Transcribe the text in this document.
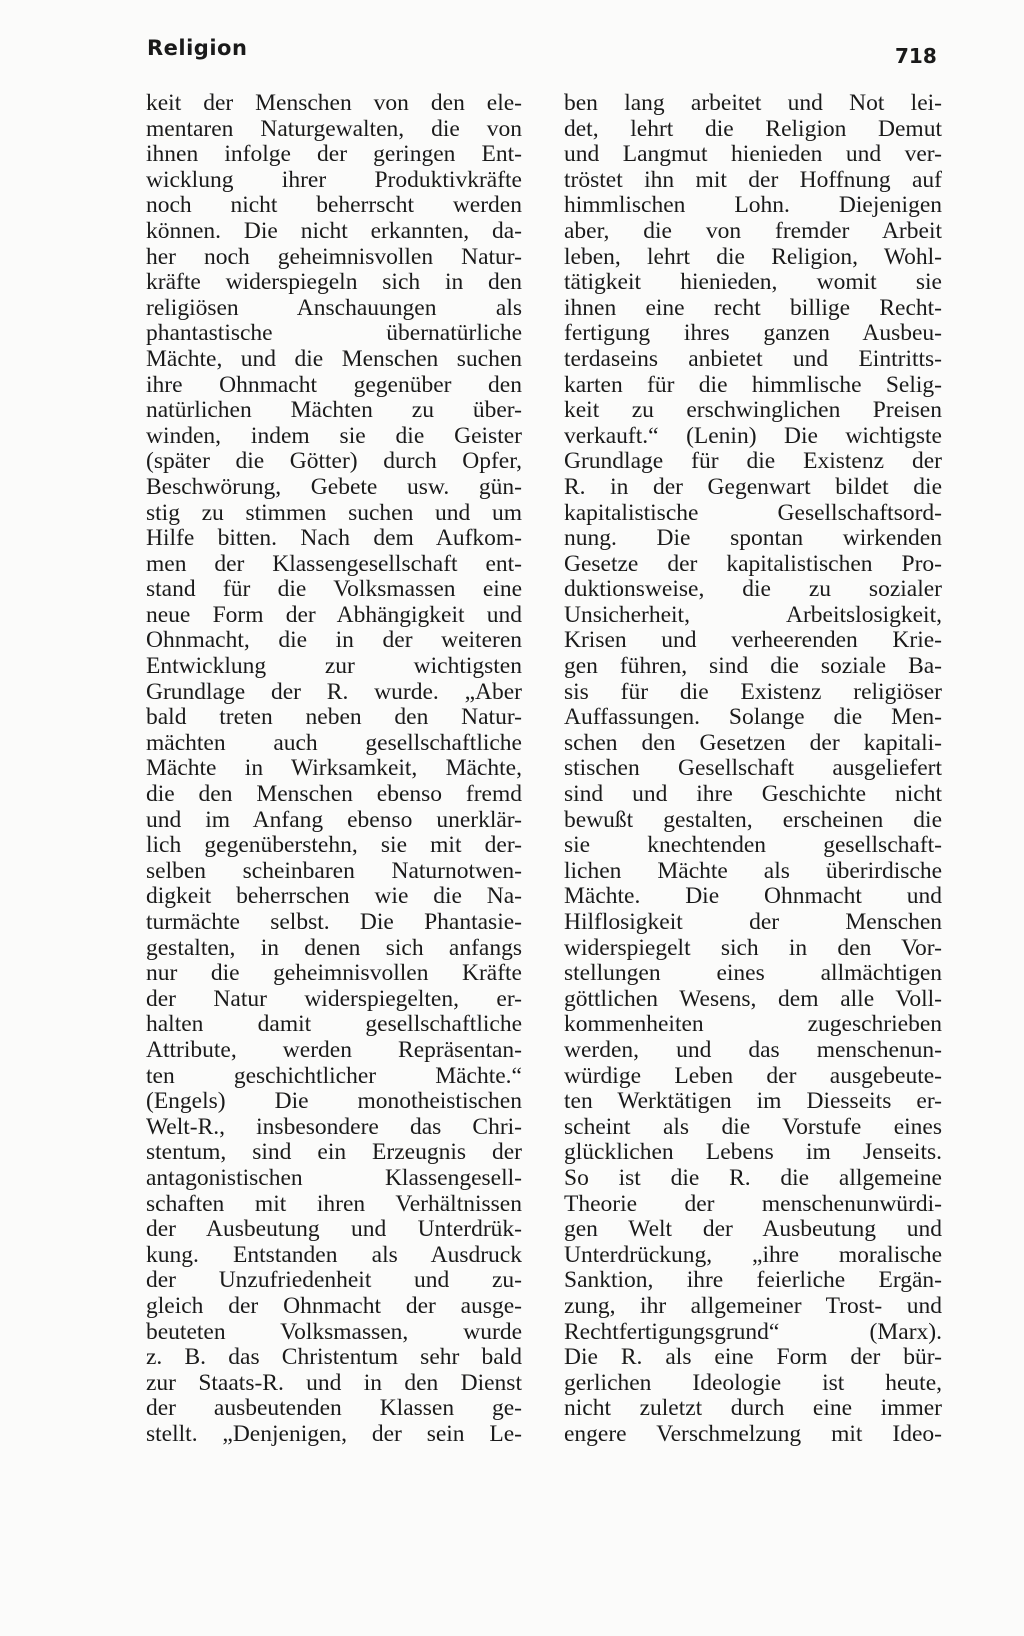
Religion	718
keit der Menschen von den ele-
mentaren Naturgewalten, die von
ihnen infolge der geringen Ent-
wicklung ihrer Produktivkräfte
noch nicht beherrscht werden
können. Die nicht erkannten, da-
her noch geheimnisvollen Natur-
kräfte widerspiegeln sich in den
religiösen Anschauungen als
phantastische übernatürliche
Mächte, und die Menschen suchen
ihre Ohnmacht gegenüber den
natürlichen Mächten zu über-
winden, indem sie die Geister
(später die Götter) durch Opfer,
Beschwörung, Gebete usw. gün-
stig zu stimmen suchen und um
Hilfe bitten. Nach dem Aufkom-
men der Klassengesellschaft ent-
stand für die Volksmassen eine
neue Form der Abhängigkeit und
Ohnmacht, die in der weiteren
Entwicklung zur wichtigsten
Grundlage der R. wurde. „Aber
bald treten neben den Natur-
mächten auch gesellschaftliche
Mächte in Wirksamkeit, Mächte,
die den Menschen ebenso fremd
und im Anfang ebenso unerklär-
lich gegenüberstehn, sie mit der-
selben scheinbaren Naturnotwen-
digkeit beherrschen wie die Na-
turmächte selbst. Die Phantasie-
gestalten, in denen sich anfangs
nur die geheimnisvollen Kräfte
der Natur widerspiegelten, er-
halten damit gesellschaftliche
Attribute, werden Repräsentan-
ten geschichtlicher Mächte.“
(Engels) Die monotheistischen
Welt-R., insbesondere das Chri-
stentum, sind ein Erzeugnis der
antagonistischen Klassengesell-
schaften mit ihren Verhältnissen
der Ausbeutung und Unterdrük-
kung. Entstanden als Ausdruck
der Unzufriedenheit und zu-
gleich der Ohnmacht der ausge-
beuteten Volksmassen, wurde
z. B. das Christentum sehr bald
zur Staats-R. und in den Dienst
der ausbeutenden Klassen ge-
stellt. „Denjenigen, der sein Le-
ben lang arbeitet und Not lei-
det, lehrt die Religion Demut
und Langmut hienieden und ver-
tröstet ihn mit der Hoffnung auf
himmlischen Lohn. Diejenigen
aber, die von fremder Arbeit
leben, lehrt die Religion, Wohl-
tätigkeit hienieden, womit sie
ihnen eine recht billige Recht-
fertigung ihres ganzen Ausbeu-
terdaseins anbietet und Eintritts-
karten für die himmlische Selig-
keit zu erschwinglichen Preisen
verkauft.“ (Lenin) Die wichtigste
Grundlage für die Existenz der
R. in der Gegenwart bildet die
kapitalistische Gesellschaftsord-
nung. Die spontan wirkenden
Gesetze der kapitalistischen Pro-
duktionsweise, die zu sozialer
Unsicherheit, Arbeitslosigkeit,
Krisen und verheerenden Krie-
gen führen, sind die soziale Ba-
sis für die Existenz religiöser
Auffassungen. Solange die Men-
schen den Gesetzen der kapitali-
stischen Gesellschaft ausgeliefert
sind und ihre Geschichte nicht
bewußt gestalten, erscheinen die
sie knechtenden gesellschaft-
lichen Mächte als überirdische
Mächte. Die Ohnmacht und
Hilflosigkeit der Menschen
widerspiegelt sich in den Vor-
stellungen eines allmächtigen
göttlichen Wesens, dem alle Voll-
kommenheiten zugeschrieben
werden, und das menschenun-
würdige Leben der ausgebeute-
ten Werktätigen im Diesseits er-
scheint als die Vorstufe eines
glücklichen Lebens im Jenseits.
So ist die R. die allgemeine
Theorie der menschenunwürdi-
gen Welt der Ausbeutung und
Unterdrückung, „ihre moralische
Sanktion, ihre feierliche Ergän-
zung, ihr allgemeiner Trost- und
Rechtfertigungsgrund“ (Marx).
Die R. als eine Form der bür-
gerlichen Ideologie ist heute,
nicht zuletzt durch eine immer
engere Verschmelzung mit Ideo-
